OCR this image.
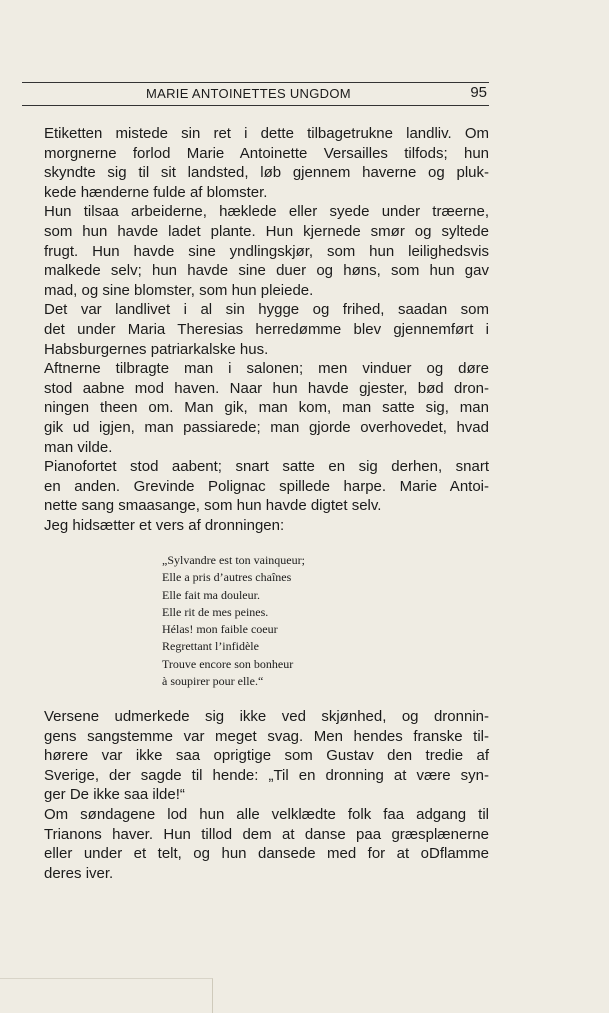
MARIE ANTOINETTES UNGDOM	95

Etiketten mistede sin ret i dette tilbagetrukne landliv. Om
morgnerne forlod Marie Antoinette Versailles tilfods; hun
skyndte sig til sit landsted, løb gjennem haverne og pluk-
kede hænderne fulde af blomster.

Hun tilsaa arbeiderne, hæklede eller syede under træerne,
som hun havde ladet plante. Hun kjernede smør og syltede
frugt. Hun havde sine yndlingskjør, som hun leilighedsvis
malkede selv; hun havde sine duer og høns, som hun gav
mad, og sine blomster, som hun pleiede.

Det var landlivet i al sin hygge og frihed, saadan som
det under Maria Theresias herredømme blev gjennemført i
Habsburgernes patriarkalske hus.

Aftnerne tilbragte man i salonen; men vinduer og døre
stod aabne mod haven. Naar hun havde gjester, bød dron-
ningen theen om. Man gik, man kom, man satte sig, man
gik ud igjen, man passiarede; man gjorde overhovedet, hvad
man vilde.

Pianofortet stod aabent; snart satte en sig derhen, snart
en anden. Grevinde Polignac spillede harpe. Marie Antoi-
nette sang smaasange, som hun havde digtet selv.

Jeg hidsætter et vers af dronningen:

„Sylvandre est ton vainqueur;
Elle a pris d’autres chaînes
Elle fait ma douleur.
Elle rit de mes peines.
Hélas! mon faible coeur
Regrettant l’infidèle
Trouve encore son bonheur
à soupirer pour elle.“

Versene udmerkede sig ikke ved skjønhed, og dronnin-
gens sangstemme var meget svag. Men hendes franske til-
hørere var ikke saa oprigtige som Gustav den tredie af
Sverige, der sagde til hende: „Til en dronning at være syn-
ger De ikke saa ilde!“

Om søndagene lod hun alle velklædte folk faa adgang til
Trianons haver. Hun tillod dem at danse paa græsplænerne
eller under et telt, og hun dansede med for at oDflamme
deres iver.
